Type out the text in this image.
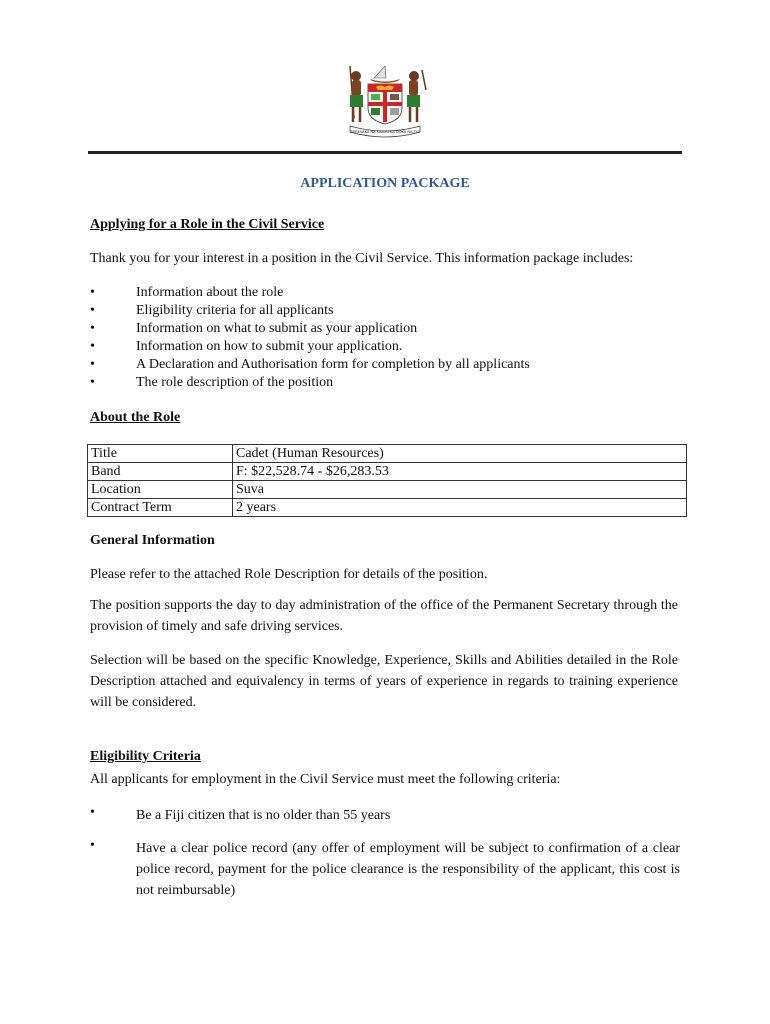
REREVAKA NA KALOU KA DOKA NA TUI
APPLICATION PACKAGE
Applying for a Role in the Civil Service
Thank you for your interest in a position in the Civil Service. This information package includes:
•	Information about the role
•	Eligibility criteria for all applicants
•	Information on what to submit as your application
•	Information on how to submit your application.
•	A Declaration and Authorisation form for completion by all applicants
•	The role description of the position
About the Role
Title	Cadet (Human Resources)
Band	F: $22,528.74 - $26,283.53
Location	Suva
Contract Term	2 years
General Information
Please refer to the attached Role Description for details of the position.
The position supports the day to day administration of the office of the Permanent Secretary through the provision of timely and safe driving services.
Selection will be based on the specific Knowledge, Experience, Skills and Abilities detailed in the Role Description attached and equivalency in terms of years of experience in regards to training experience will be considered.
Eligibility Criteria
All applicants for employment in the Civil Service must meet the following criteria:
•	Be a Fiji citizen that is no older than 55 years
•	Have a clear police record (any offer of employment will be subject to confirmation of a clear police record, payment for the police clearance is the responsibility of the applicant, this cost is not reimbursable)
